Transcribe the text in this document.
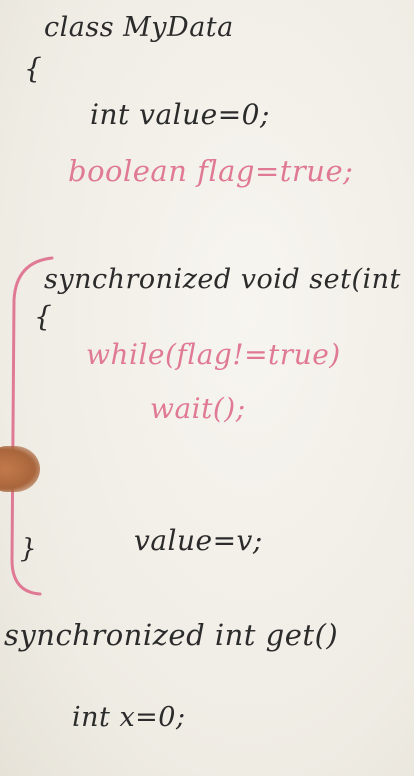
class MyData
{
int value=0;
boolean flag=true;
synchronized void set(int
{
while(flag!=true)
wait();
value=v;
}
synchronized int get()
int x=0;
